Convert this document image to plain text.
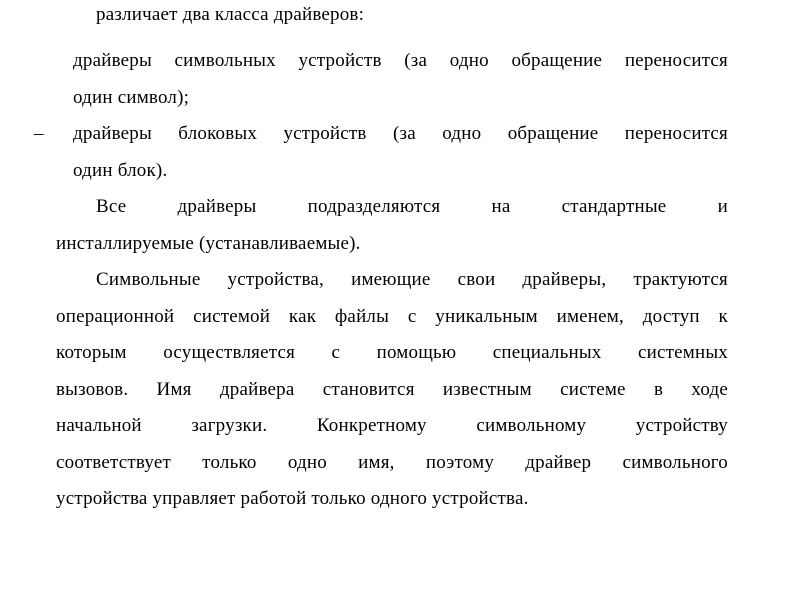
различает два класса драйверов:
драйверы символьных устройств (за одно обращение переносится
один символ);
–	драйверы блоковых устройств (за одно обращение переносится
один блок).
Все драйверы подразделяются на стандартные и
инсталлируемые (устанавливаемые).
Символьные устройства, имеющие свои драйверы, трактуются
операционной системой как файлы с уникальным именем, доступ к
которым осуществляется с помощью специальных системных
вызовов. Имя драйвера становится известным системе в ходе
начальной загрузки. Конкретному символьному устройству
соответствует только одно имя, поэтому драйвер символьного
устройства управляет работой только одного устройства.
